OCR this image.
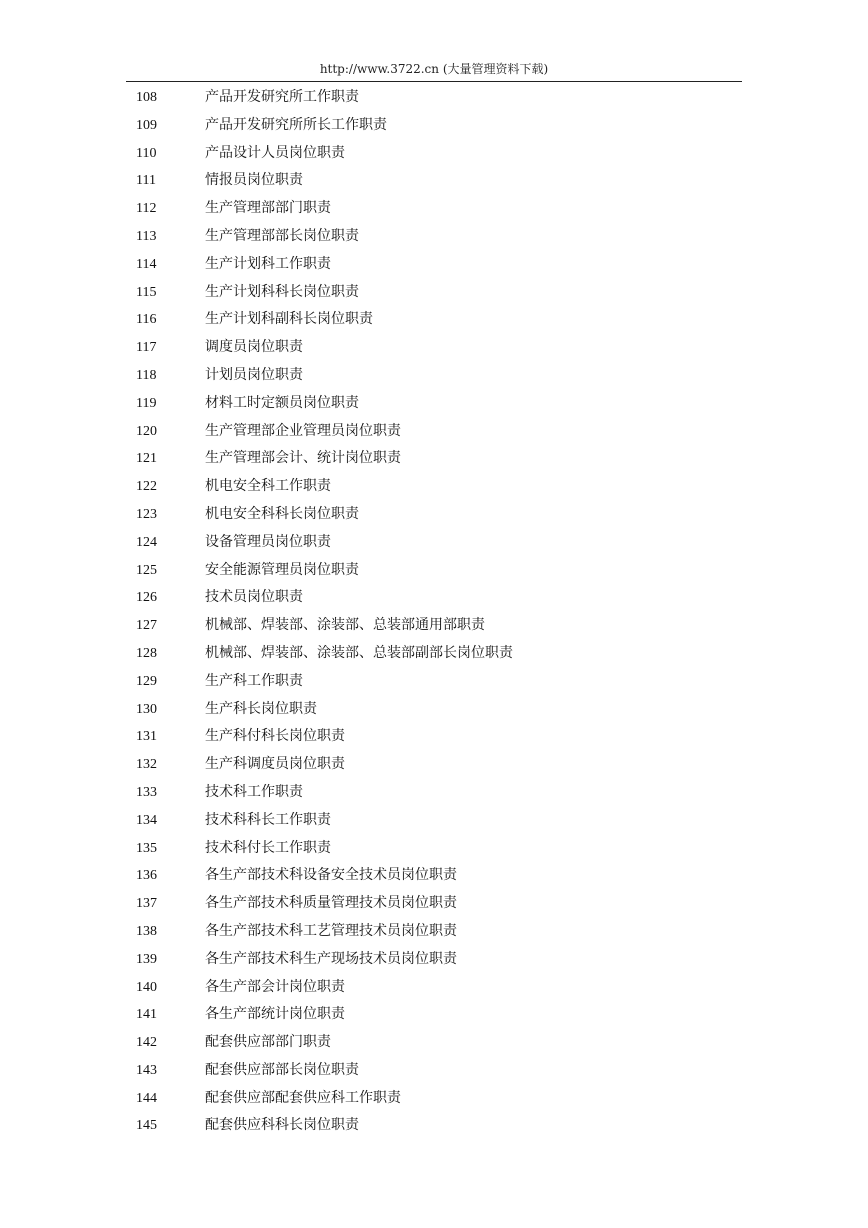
http://www.3722.cn (大量管理资料下载)
108	产品开发研究所工作职责
109	产品开发研究所所长工作职责
110	产品设计人员岗位职责
111	情报员岗位职责
112	生产管理部部门职责
113	生产管理部部长岗位职责
114	生产计划科工作职责
115	生产计划科科长岗位职责
116	生产计划科副科长岗位职责
117	调度员岗位职责
118	计划员岗位职责
119	材料工时定额员岗位职责
120	生产管理部企业管理员岗位职责
121	生产管理部会计、统计岗位职责
122	机电安全科工作职责
123	机电安全科科长岗位职责
124	设备管理员岗位职责
125	安全能源管理员岗位职责
126	技术员岗位职责
127	机械部、焊装部、涂装部、总装部通用部职责
128	机械部、焊装部、涂装部、总装部副部长岗位职责
129	生产科工作职责
130	生产科长岗位职责
131	生产科付科长岗位职责
132	生产科调度员岗位职责
133	技术科工作职责
134	技术科科长工作职责
135	技术科付长工作职责
136	各生产部技术科设备安全技术员岗位职责
137	各生产部技术科质量管理技术员岗位职责
138	各生产部技术科工艺管理技术员岗位职责
139	各生产部技术科生产现场技术员岗位职责
140	各生产部会计岗位职责
141	各生产部统计岗位职责
142	配套供应部部门职责
143	配套供应部部长岗位职责
144	配套供应部配套供应科工作职责
145	配套供应科科长岗位职责
